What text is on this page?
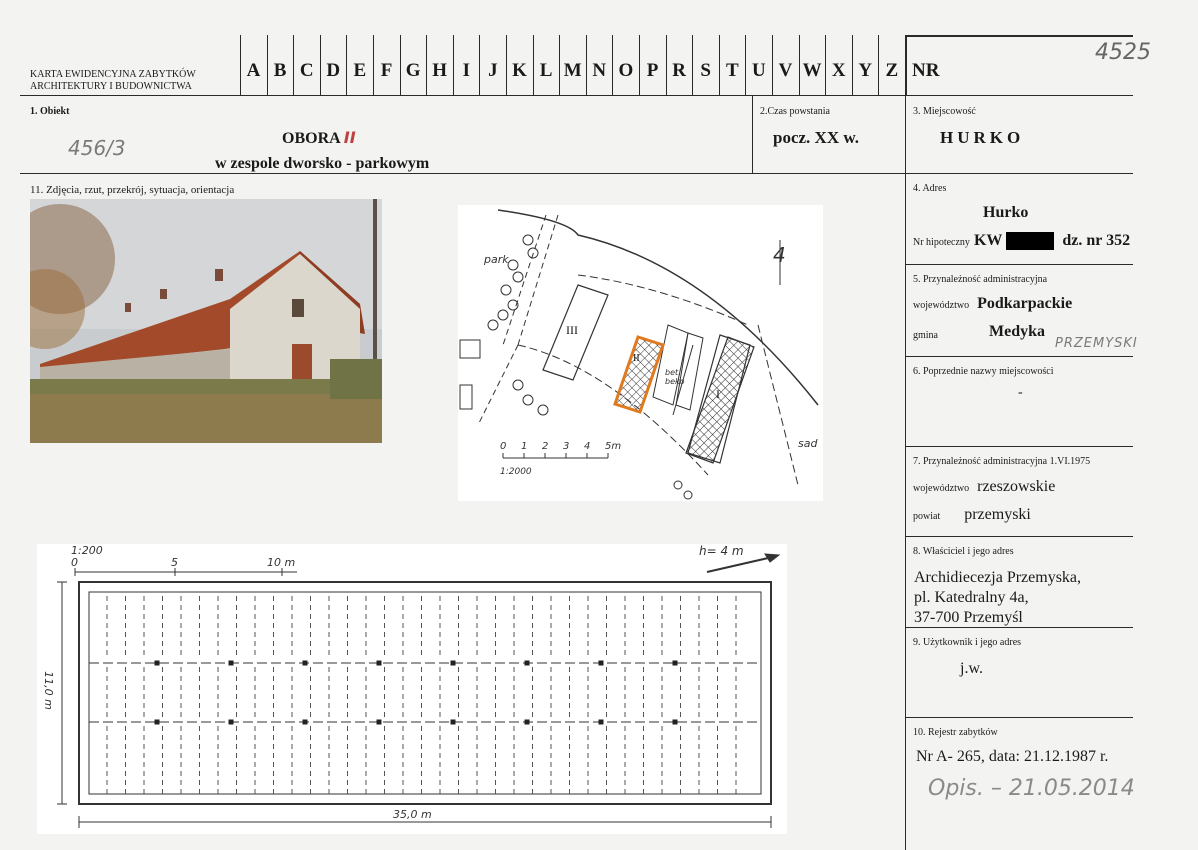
KARTA EWIDENCYJNA ZABYTKÓW
ARCHITEKTURY I BUDOWNICTWA
A B C D E F G H I J K L M N O P R S T U V W X Y Z NR
4525
1. Obiekt
456/3	OBORA II
w zespole dworsko - parkowym
2.Czas powstania
pocz. XX w.
3. Miejscowość
HURKO
11. Zdjęcia, rzut, przekrój, sytuacja, orientacja
park
sad
III
I
II
bet.
beko
4
0 1 2 3 4 5m
1:2000
1:200
0	5	10 m
h= 4 m
11,0 m
35,0 m
4. Adres
Hurko
Nr hipoteczny KW	dz. nr 352
5. Przynależność administracyjna
województwo Podkarpackie
gmina	Medyka
PRZEMYSKI
6. Poprzednie nazwy miejscowości
-
7. Przynależność administracyjna 1.VI.1975
województwo rzeszowskie
powiat przemyski
8. Właściciel i jego adres
Archidiecezja Przemyska,
pl. Katedralny 4a,
37-700 Przemyśl
9. Użytkownik i jego adres
j.w.
10. Rejestr zabytków
Nr A- 265, data: 21.12.1987 r.
Opis. – 21.05.2014
